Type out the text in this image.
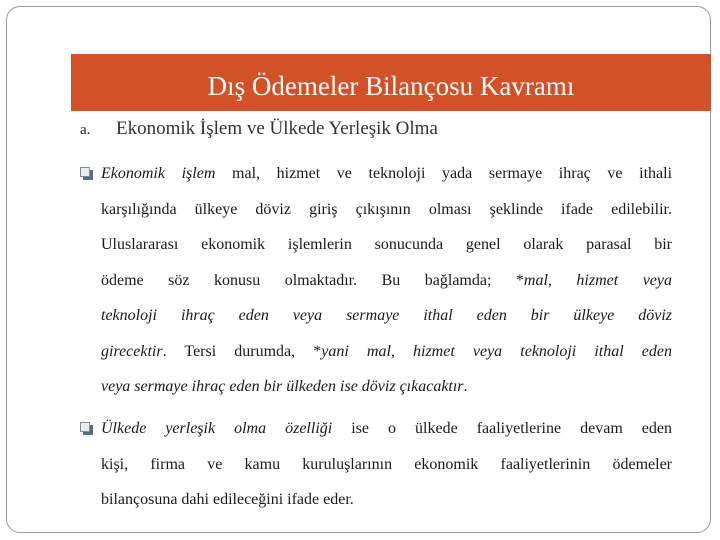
Dış Ödemeler Bilançosu Kavramı
a.	Ekonomik İşlem ve Ülkede Yerleşik Olma
Ekonomik işlem mal, hizmet ve teknoloji yada sermaye ihraç ve ithali
karşılığında ülkeye döviz giriş çıkışının olması şeklinde ifade edilebilir.
Uluslararası ekonomik işlemlerin sonucunda genel olarak parasal bir
ödeme söz konusu olmaktadır. Bu bağlamda; *mal, hizmet veya
teknoloji ihraç eden veya sermaye ithal eden bir ülkeye döviz
girecektir. Tersi durumda, *yani mal, hizmet veya teknoloji ithal eden
veya sermaye ihraç eden bir ülkeden ise döviz çıkacaktır.
Ülkede yerleşik olma özelliği ise o ülkede faaliyetlerine devam eden
kişi, firma ve kamu kuruluşlarının ekonomik faaliyetlerinin ödemeler
bilançosuna dahi edileceğini ifade eder.
